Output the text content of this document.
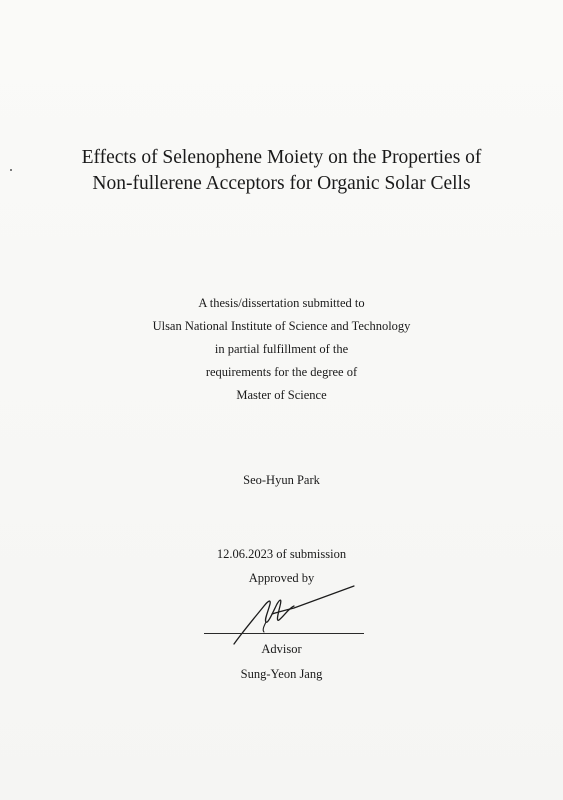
Effects of Selenophene Moiety on the Properties of
Non-fullerene Acceptors for Organic Solar Cells
A thesis/dissertation submitted to
Ulsan National Institute of Science and Technology
in partial fulfillment of the
requirements for the degree of
Master of Science
Seo-Hyun Park
12.06.2023 of submission
Approved by
Advisor
Sung-Yeon Jang
